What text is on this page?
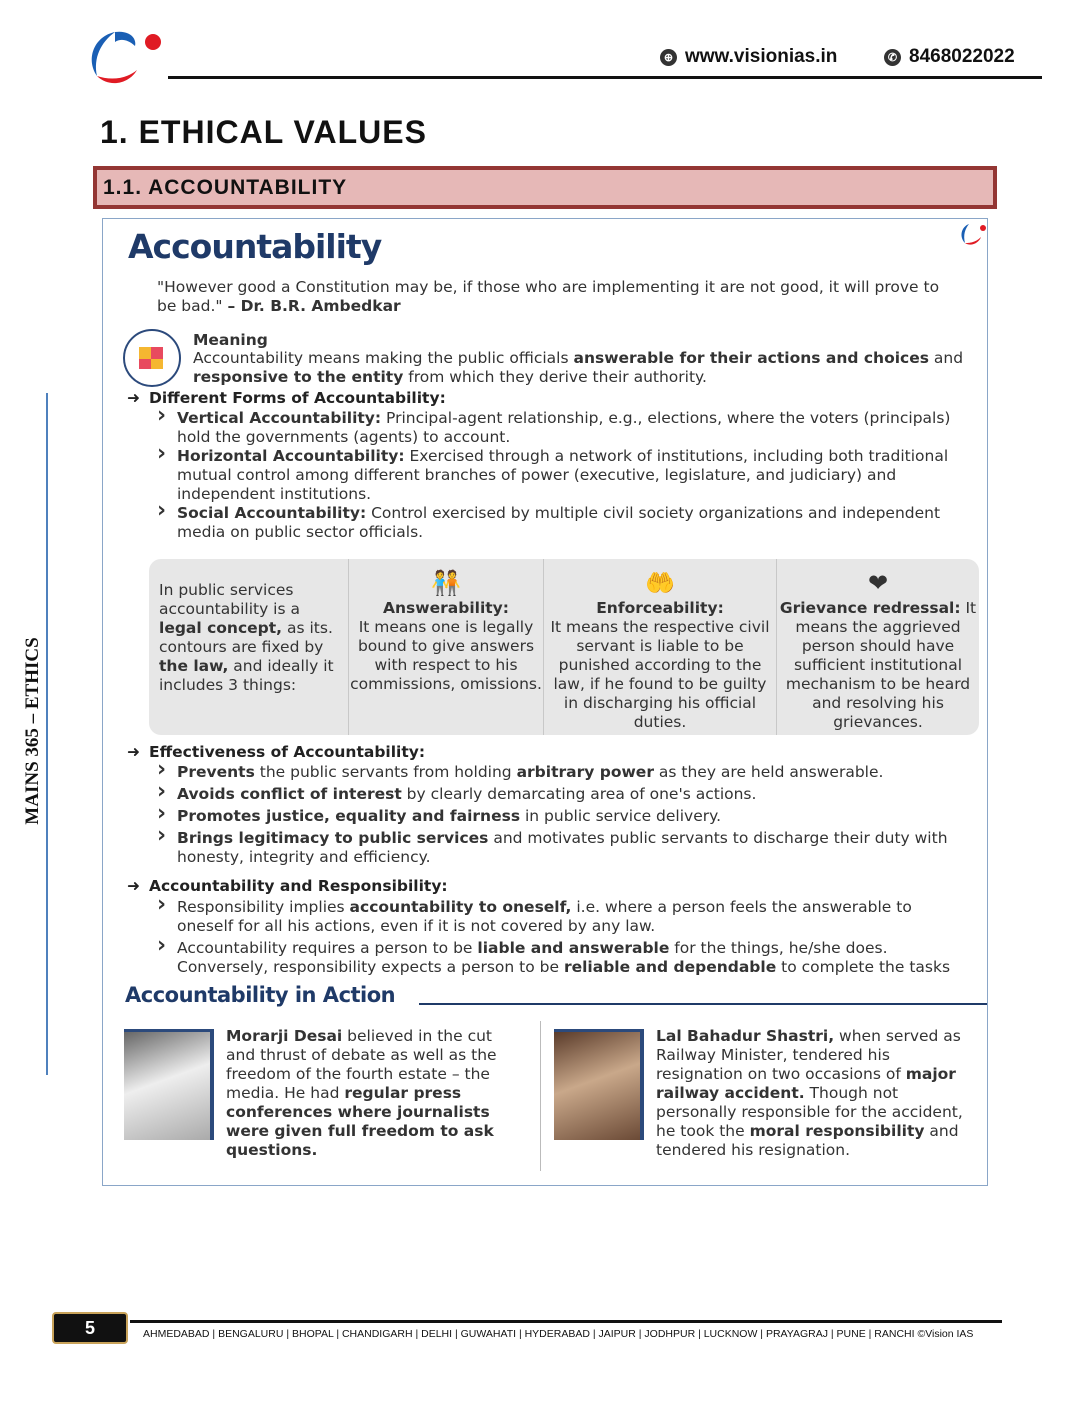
⊕ www.visionias.in	✆ 8468022022
MAINS 365 – ETHICS
1. ETHICAL VALUES
1.1. ACCOUNTABILITY
Accountability
"However good a Constitution may be, if those who are implementing it are not good, it will prove to be bad." – Dr. B.R. Ambedkar
Meaning
Accountability means making the public officials answerable for their actions and choices and responsive to the entity from which they derive their authority.
➜ Different Forms of Accountability:
› Vertical Accountability: Principal-agent relationship, e.g., elections, where the voters (principals) hold the governments (agents) to account.
› Horizontal Accountability: Exercised through a network of institutions, including both traditional mutual control among different branches of power (executive, legislature, and judiciary) and independent institutions.
› Social Accountability: Control exercised by multiple civil society organizations and independent media on public sector officials.
In public services accountability is a legal concept, as its. contours are fixed by the law, and ideally it includes 3 things:
🧑‍🤝‍🧑
Answerability:
It means one is legally bound to give answers with respect to his commissions, omissions.
🤲
Enforceability:
It means the respective civil servant is liable to be punished according to the law, if he found to be guilty in discharging his official duties.
❤
Grievance redressal: It means the aggrieved person should have sufficient institutional mechanism to be heard and resolving his grievances.
➜ Effectiveness of Accountability:
› Prevents the public servants from holding arbitrary power as they are held answerable.
› Avoids conflict of interest by clearly demarcating area of one's actions.
› Promotes justice, equality and fairness in public service delivery.
› Brings legitimacy to public services and motivates public servants to discharge their duty with honesty, integrity and efficiency.
➜ Accountability and Responsibility:
› Responsibility implies accountability to oneself, i.e. where a person feels the answerable to oneself for all his actions, even if it is not covered by any law.
› Accountability requires a person to be liable and answerable for the things, he/she does. Conversely, responsibility expects a person to be reliable and dependable to complete the tasks
Accountability in Action
Morarji Desai believed in the cut and thrust of debate as well as the freedom of the fourth estate – the media. He had regular press conferences where journalists were given full freedom to ask questions.
Lal Bahadur Shastri, when served as Railway Minister, tendered his resignation on two occasions of major railway accident. Though not personally responsible for the accident, he took the moral responsibility and tendered his resignation.
5	AHMEDABAD | BENGALURU | BHOPAL | CHANDIGARH | DELHI | GUWAHATI | HYDERABAD | JAIPUR | JODHPUR | LUCKNOW | PRAYAGRAJ | PUNE | RANCHI ©Vision IAS
